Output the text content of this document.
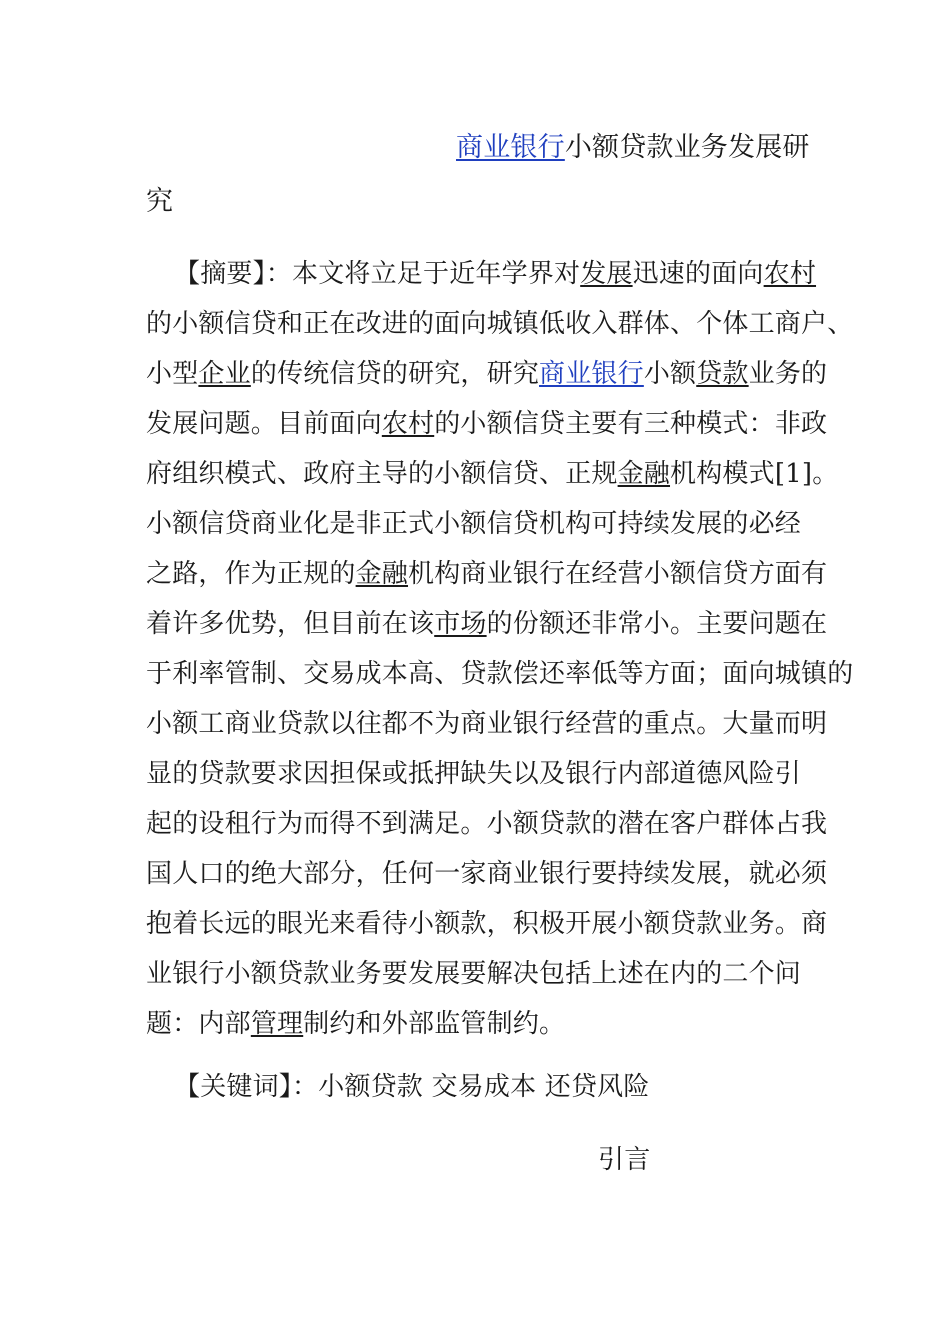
商业银行小额贷款业务发展研
究
【摘要】：本文将立足于近年学界对发展迅速的面向农村
的小额信贷和正在改进的面向城镇低收入群体、个体工商户、
小型企业的传统信贷的研究，研究商业银行小额贷款业务的
发展问题。目前面向农村的小额信贷主要有三种模式：非政
府组织模式、政府主导的小额信贷、正规金融机构模式[1]。
小额信贷商业化是非正式小额信贷机构可持续发展的必经
之路，作为正规的金融机构商业银行在经营小额信贷方面有
着许多优势，但目前在该市场的份额还非常小。主要问题在
于利率管制、交易成本高、贷款偿还率低等方面；面向城镇的
小额工商业贷款以往都不为商业银行经营的重点。大量而明
显的贷款要求因担保或抵押缺失以及银行内部道德风险引
起的设租行为而得不到满足。小额贷款的潜在客户群体占我
国人口的绝大部分，任何一家商业银行要持续发展，就必须
抱着长远的眼光来看待小额款，积极开展小额贷款业务。商
业银行小额贷款业务要发展要解决包括上述在内的二个问
题：内部管理制约和外部监管制约。
【关键词】：小额贷款 交易成本 还贷风险
引言
